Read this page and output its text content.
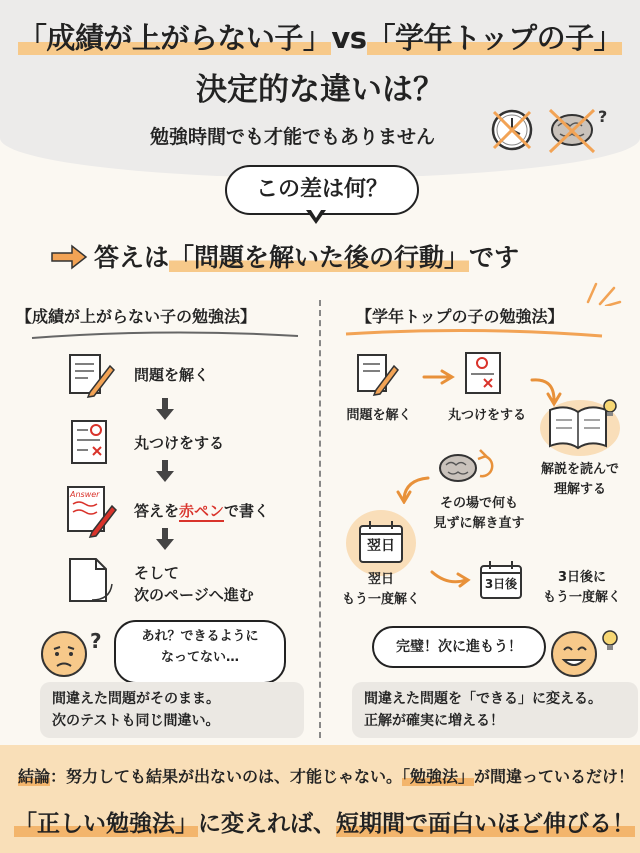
「成績が上がらない子」vs「学年トップの子」
決定的な違いは？
勉強時間でも才能でもありません
?
この差は何？
答えは「問題を解いた後の行動」です
【成績が上がらない子の勉強法】
問題を解く
丸つけをする
Answer
答えを赤ペンで書く
そして
次のページへ進む
?	あれ？できるように
なってない…
間違えた問題がそのまま。
次のテストも同じ間違い。
【学年トップの子の勉強法】
問題を解く	丸つけをする
解説を読んで
理解する
その場で何も
見ずに解き直す
翌日
翌日
もう一度解く
3日後	3日後に
もう一度解く
完璧！次に進もう！
間違えた問題を「できる」に変える。
正解が確実に増える！
結論：努力しても結果が出ないのは、才能じゃない。「勉強法」が間違っているだけ！
「正しい勉強法」に変えれば、短期間で面白いほど伸びる！
